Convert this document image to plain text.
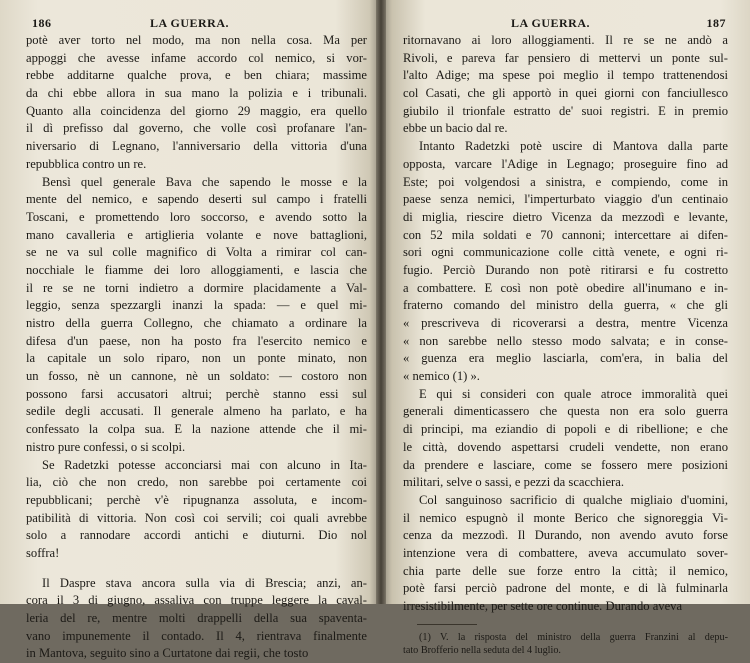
186	LA GUERRA.
potè aver torto nel modo, ma non nella cosa. Ma per
appoggi che avesse infame accordo col nemico, si vor-
rebbe additarne qualche prova, e ben chiara; massime
da chi ebbe allora in sua mano la polizia e i tribunali.
Quanto alla coincidenza del giorno 29 maggio, era quello
il dì prefisso dal governo, che volle così profanare l'an-
niversario di Legnano, l'anniversario della vittoria d'una
repubblica contro un re.
Bensì quel generale Bava che sapendo le mosse e la
mente del nemico, e sapendo deserti sul campo i fratelli
Toscani, e promettendo loro soccorso, e avendo sotto la
mano cavalleria e artiglieria volante e nove battaglioni,
se ne va sul colle magnifico di Volta a rimirar col can-
nocchiale le fiamme dei loro alloggiamenti, e lascia che
il re se ne torni indietro a dormire placidamente a Val-
leggio, senza spezzargli inanzi la spada: — e quel mi-
nistro della guerra Collegno, che chiamato a ordinare la
difesa d'un paese, non ha posto fra l'esercito nemico e
la capitale un solo riparo, non un ponte minato, non
un fosso, nè un cannone, nè un soldato: — costoro non
possono farsi accusatori altrui; perchè stanno essi sul
sedile degli accusati. Il generale almeno ha parlato, e ha
confessato la colpa sua. E la nazione attende che il mi-
nistro pure confessi, o si scolpi.
Se Radetzki potesse acconciarsi mai con alcuno in Ita-
lia, ciò che non credo, non sarebbe poi certamente coi
repubblicani; perchè v'è ripugnanza assoluta, e incom-
patibilità di vittoria. Non così coi servili; coi quali avrebbe
solo a rannodare accordi antichi e diuturni. Dio nol
soffra!
Il Daspre stava ancora sulla via di Brescia; anzi, an-
cora il 3 di giugno, assaliva con truppe leggere la caval-
leria del re, mentre molti drappelli della sua spaventa-
vano impunemente il contado. Il 4, rientrava finalmente
in Mantova, seguito sino a Curtatone dai regii, che tosto
LA GUERRA.	187
ritornavano ai loro alloggiamenti. Il re se ne andò a
Rivoli, e pareva far pensiero di mettervi un ponte sul-
l'alto Adige; ma spese poi meglio il tempo trattenendosi
col Casati, che gli apportò in quei giorni con fanciullesco
giubilo il trionfale estratto de' suoi registri. E in premio
ebbe un bacio dal re.
Intanto Radetzki potè uscire di Mantova dalla parte
opposta, varcare l'Adige in Legnago; proseguire fino ad
Este; poi volgendosi a sinistra, e compiendo, come in
paese senza nemici, l'imperturbato viaggio d'un centinaio
di miglia, riescire dietro Vicenza da mezzodì e levante,
con 52 mila soldati e 70 cannoni; intercettare ai difen-
sori ogni communicazione colle città venete, e ogni ri-
fugio. Perciò Durando non potè ritirarsi e fu costretto
a combattere. E così non potè obedire all'inumano e in-
fraterno comando del ministro della guerra, « che gli
« prescriveva di ricoverarsi a destra, mentre Vicenza
« non sarebbe nello stesso modo salvata; e in conse-
« guenza era meglio lasciarla, com'era, in balia del
« nemico (1) ».
E qui si consideri con quale atroce immoralità quei
generali dimenticassero che questa non era solo guerra
di principi, ma eziandio di popoli e di ribellione; e che
le città, dovendo aspettarsi crudeli vendette, non erano
da prendere e lasciare, come se fossero mere posizioni
militari, selve o sassi, e pezzi da scacchiera.
Col sanguinoso sacrificio di qualche migliaio d'uomini,
il nemico espugnò il monte Berico che signoreggia Vi-
cenza da mezzodì. Il Durando, non avendo avuto forse
intenzione vera di combattere, aveva accumulato sover-
chia parte delle sue forze entro la città; il nemico,
potè farsi perciò padrone del monte, e di là fulminarla
irresistibilmente, per sette ore continue. Durando aveva
(1) V. la risposta del ministro della guerra Franzini al depu-
tato Brofferio nella seduta del 4 luglio.
